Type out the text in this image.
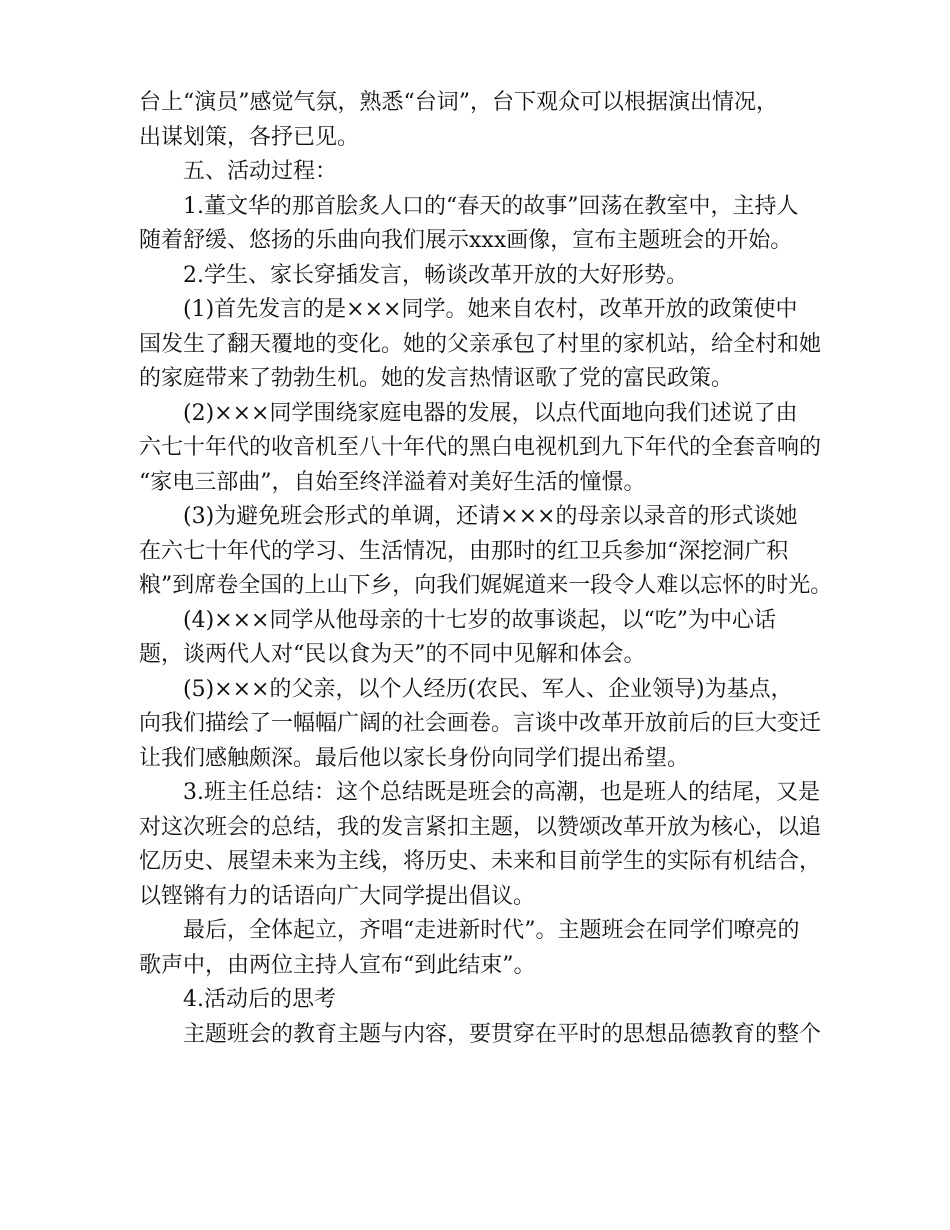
台上“演员”感觉气氛，熟悉“台词”，台下观众可以根据演出情况，
出谋划策，各抒已见。
五、活动过程：
1.董文华的那首脍炙人口的“春天的故事”回荡在教室中，主持人
随着舒缓、悠扬的乐曲向我们展示xxx画像，宣布主题班会的开始。
2.学生、家长穿插发言，畅谈改革开放的大好形势。
(1)首先发言的是×××同学。她来自农村，改革开放的政策使中
国发生了翻天覆地的变化。她的父亲承包了村里的家机站，给全村和她
的家庭带来了勃勃生机。她的发言热情讴歌了党的富民政策。
(2)×××同学围绕家庭电器的发展，以点代面地向我们述说了由
六七十年代的收音机至八十年代的黑白电视机到九下年代的全套音响的
“家电三部曲”，自始至终洋溢着对美好生活的憧憬。
(3)为避免班会形式的单调，还请×××的母亲以录音的形式谈她
在六七十年代的学习、生活情况，由那时的红卫兵参加“深挖洞广积
粮”到席卷全国的上山下乡，向我们娓娓道来一段令人难以忘怀的时光。
(4)×××同学从他母亲的十七岁的故事谈起，以“吃”为中心话
题，谈两代人对“民以食为天”的不同中见解和体会。
(5)×××的父亲，以个人经历(农民、军人、企业领导)为基点，
向我们描绘了一幅幅广阔的社会画卷。言谈中改革开放前后的巨大变迁
让我们感触颇深。最后他以家长身份向同学们提出希望。
3.班主任总结：这个总结既是班会的高潮，也是班人的结尾，又是
对这次班会的总结，我的发言紧扣主题，以赞颂改革开放为核心，以追
忆历史、展望未来为主线，将历史、未来和目前学生的实际有机结合，
以铿锵有力的话语向广大同学提出倡议。
最后，全体起立，齐唱“走进新时代”。主题班会在同学们嘹亮的
歌声中，由两位主持人宣布“到此结束”。
4.活动后的思考
主题班会的教育主题与内容，要贯穿在平时的思想品德教育的整个
